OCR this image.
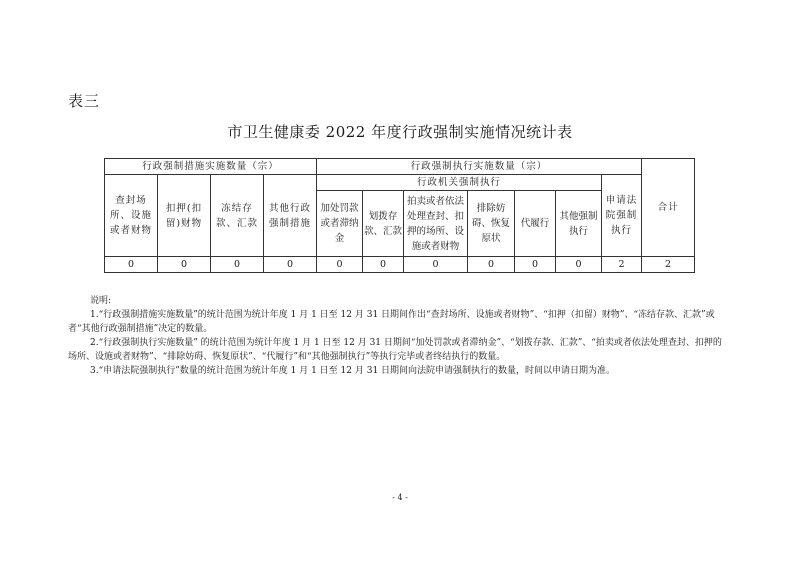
表三
市卫生健康委 2022 年度行政强制实施情况统计表
行政强制措施实施数量（宗）				行政强制执行实施数量（宗）							合计
查封场所、设施或者财物	扣押(扣留)财物	冻结存款、汇款	其他行政强制措施	行政机关强制执行						申请法院强制执行	
				加处罚款或者滞纳金	划拨存款、汇款	拍卖或者依法处理查封、扣押的场所、设施或者财物	排除妨碍、恢复原状	代履行	其他强制执行		
0	0	0	0	0	0	0	0	0	0	2	2

说明:

1.“行政强制措施实施数量”的统计范围为统计年度 1 月 1 日至 12 月 31 日期间作出“查封场所、设施或者财物”、“扣押（扣留）财物”、“冻结存款、汇款”或者“其他行政强制措施”决定的数量。

2.“行政强制执行实施数量” 的统计范围为统计年度 1 月 1 日至 12 月 31 日期间“加处罚款或者滞纳金”、“划拨存款、汇款”、“拍卖或者依法处理查封、扣押的场所、设施或者财物”、“排除妨碍、恢复原状”、“代履行”和“其他强制执行”等执行完毕或者终结执行的数量。

3.“申请法院强制执行”数量的统计范围为统计年度 1 月 1 日至 12 月 31 日期间向法院申请强制执行的数量，时间以申请日期为准。

- 4 -
